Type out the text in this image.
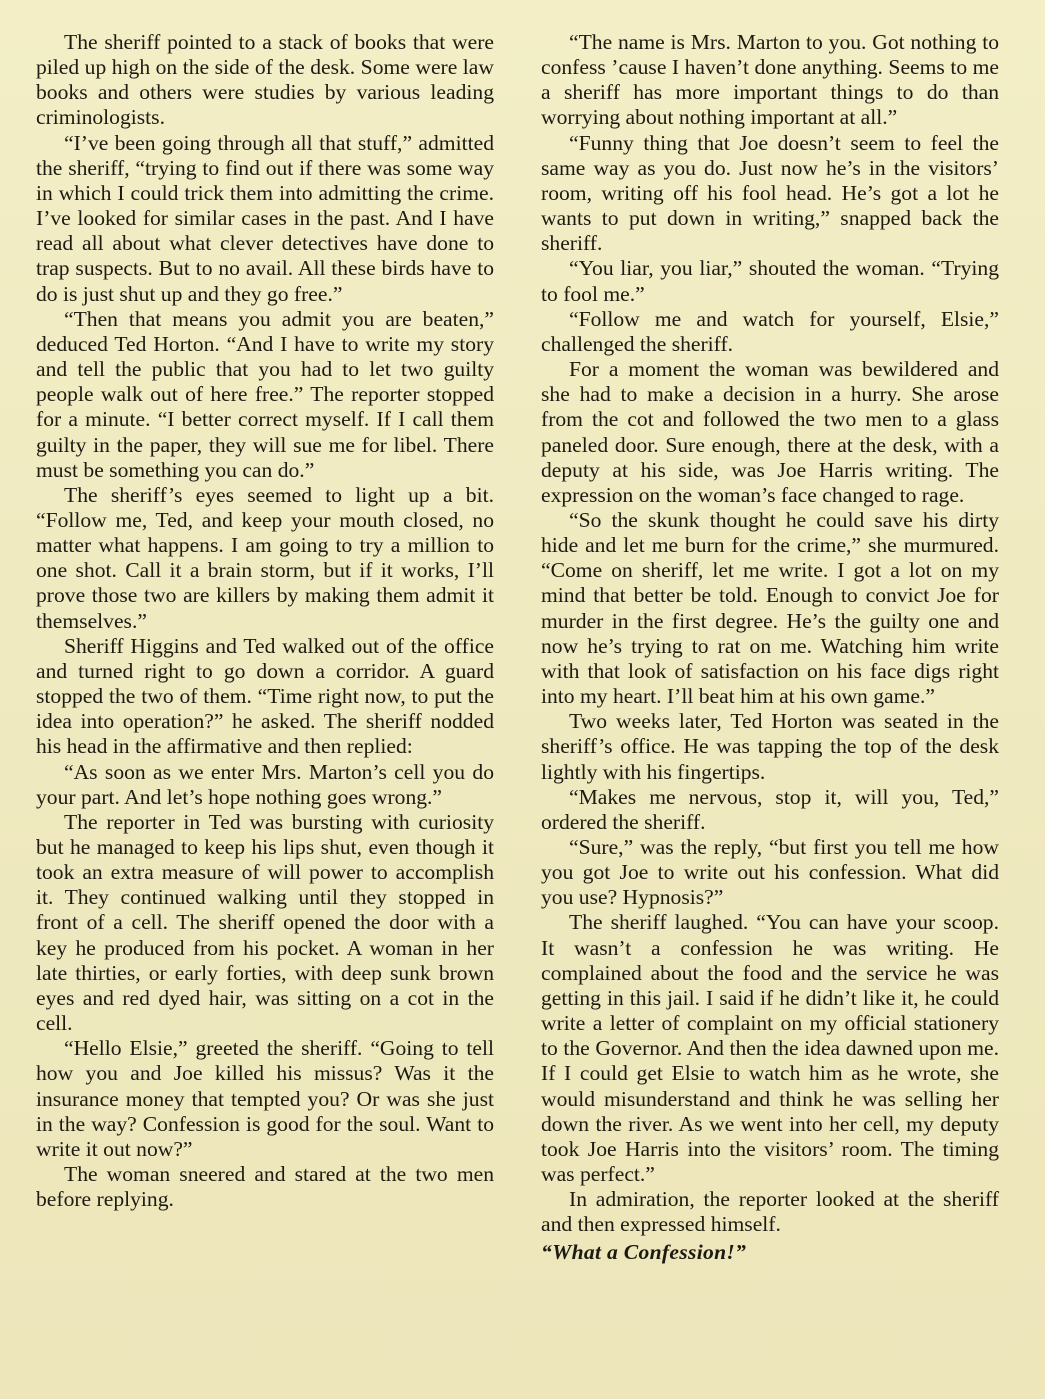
The sheriff pointed to a stack of books that were piled up high on the side of the desk. Some were law books and others were studies by various leading criminologists.

“I’ve been going through all that stuff,” admitted the sheriff, “trying to find out if there was some way in which I could trick them into admitting the crime. I’ve looked for similar cases in the past. And I have read all about what clever detectives have done to trap suspects. But to no avail. All these birds have to do is just shut up and they go free.”

“Then that means you admit you are beaten,” deduced Ted Horton. “And I have to write my story and tell the public that you had to let two guilty people walk out of here free.” The reporter stopped for a minute. “I better correct myself. If I call them guilty in the paper, they will sue me for libel. There must be something you can do.”

The sheriff’s eyes seemed to light up a bit. “Follow me, Ted, and keep your mouth closed, no matter what happens. I am going to try a million to one shot. Call it a brain storm, but if it works, I’ll prove those two are killers by making them admit it themselves.”

Sheriff Higgins and Ted walked out of the office and turned right to go down a corridor. A guard stopped the two of them. “Time right now, to put the idea into operation?” he asked. The sheriff nodded his head in the affirmative and then replied:

“As soon as we enter Mrs. Marton’s cell you do your part. And let’s hope nothing goes wrong.”

The reporter in Ted was bursting with curiosity but he managed to keep his lips shut, even though it took an extra measure of will power to accomplish it. They continued walking until they stopped in front of a cell. The sheriff opened the door with a key he produced from his pocket. A woman in her late thirties, or early forties, with deep sunk brown eyes and red dyed hair, was sitting on a cot in the cell.

“Hello Elsie,” greeted the sheriff. “Going to tell how you and Joe killed his missus? Was it the insurance money that tempted you? Or was she just in the way? Confession is good for the soul. Want to write it out now?”

The woman sneered and stared at the two men before replying.

“The name is Mrs. Marton to you. Got nothing to confess ’cause I haven’t done anything. Seems to me a sheriff has more important things to do than worrying about nothing important at all.”

“Funny thing that Joe doesn’t seem to feel the same way as you do. Just now he’s in the visitors’ room, writing off his fool head. He’s got a lot he wants to put down in writing,” snapped back the sheriff.

“You liar, you liar,” shouted the woman. “Trying to fool me.”

“Follow me and watch for yourself, Elsie,” challenged the sheriff.

For a moment the woman was bewildered and she had to make a decision in a hurry. She arose from the cot and followed the two men to a glass paneled door. Sure enough, there at the desk, with a deputy at his side, was Joe Harris writing. The expression on the woman’s face changed to rage.

“So the skunk thought he could save his dirty hide and let me burn for the crime,” she murmured. “Come on sheriff, let me write. I got a lot on my mind that better be told. Enough to convict Joe for murder in the first degree. He’s the guilty one and now he’s trying to rat on me. Watching him write with that look of satisfaction on his face digs right into my heart. I’ll beat him at his own game.”

Two weeks later, Ted Horton was seated in the sheriff’s office. He was tapping the top of the desk lightly with his fingertips.

“Makes me nervous, stop it, will you, Ted,” ordered the sheriff.

“Sure,” was the reply, “but first you tell me how you got Joe to write out his confession. What did you use? Hypnosis?”

The sheriff laughed. “You can have your scoop. It wasn’t a confession he was writing. He complained about the food and the service he was getting in this jail. I said if he didn’t like it, he could write a letter of complaint on my official stationery to the Governor. And then the idea dawned upon me. If I could get Elsie to watch him as he wrote, she would misunderstand and think he was selling her down the river. As we went into her cell, my deputy took Joe Harris into the visitors’ room. The timing was perfect.”

In admiration, the reporter looked at the sheriff and then expressed himself.

“What a Confession!”
